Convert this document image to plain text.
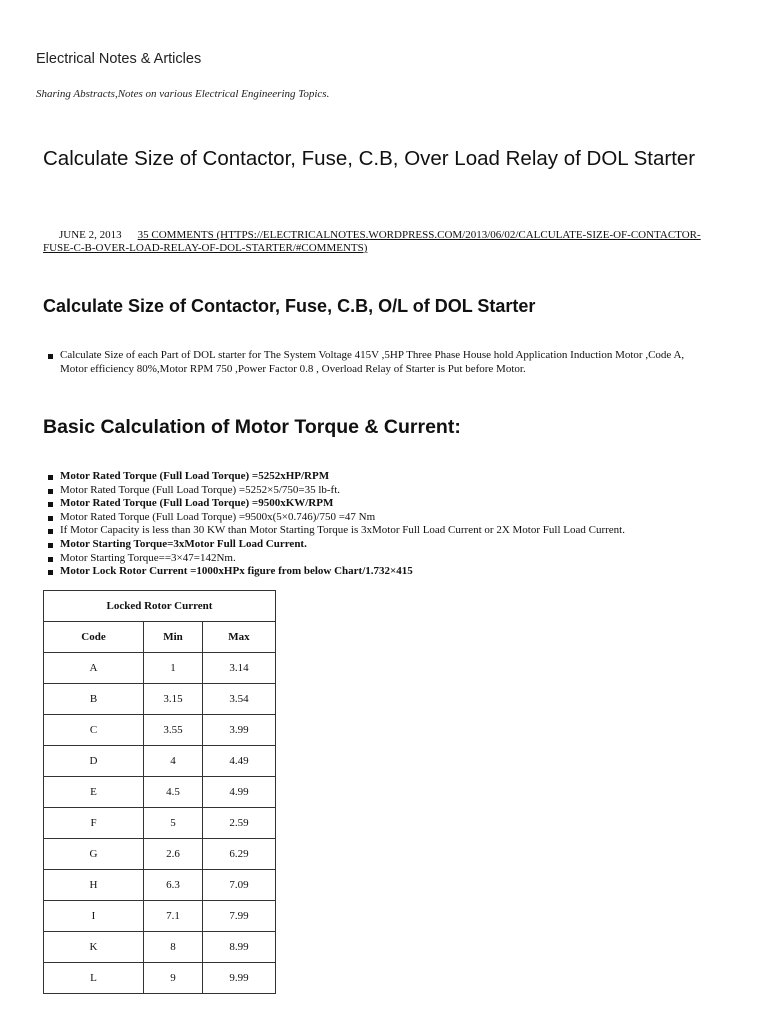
Electrical Notes & Articles
Sharing Abstracts,Notes on various Electrical Engineering Topics.
Calculate Size of Contactor, Fuse, C.B, Over Load Relay of DOL Starter
JUNE 2, 2013 35 COMMENTS (HTTPS://ELECTRICALNOTES.WORDPRESS.COM/2013/06/02/CALCULATE-SIZE-OF-CONTACTOR-FUSE-C-B-OVER-LOAD-RELAY-OF-DOL-STARTER/#COMMENTS)
Calculate Size of Contactor, Fuse, C.B, O/L of DOL Starter
Calculate Size of each Part of DOL starter for The System Voltage 415V ,5HP Three Phase House hold Application Induction Motor ,Code A, Motor efficiency 80%,Motor RPM 750 ,Power Factor 0.8 , Overload Relay of Starter is Put before Motor.
Basic Calculation of Motor Torque & Current:
Motor Rated Torque (Full Load Torque) =5252xHP/RPM
Motor Rated Torque (Full Load Torque) =5252×5/750=35 lb-ft.
Motor Rated Torque (Full Load Torque) =9500xKW/RPM
Motor Rated Torque (Full Load Torque) =9500x(5×0.746)/750 =47 Nm
If Motor Capacity is less than 30 KW than Motor Starting Torque is 3xMotor Full Load Current or 2X Motor Full Load Current.
Motor Starting Torque=3xMotor Full Load Current.
Motor Starting Torque==3×47=142Nm.
Motor Lock Rotor Current =1000xHPx figure from below Chart/1.732×415
Locked Rotor Current		
Code	Min	Max
A	1	3.14
B	3.15	3.54
C	3.55	3.99
D	4	4.49
E	4.5	4.99
F	5	2.59
G	2.6	6.29
H	6.3	7.09
I	7.1	7.99
K	8	8.99
L	9	9.99
